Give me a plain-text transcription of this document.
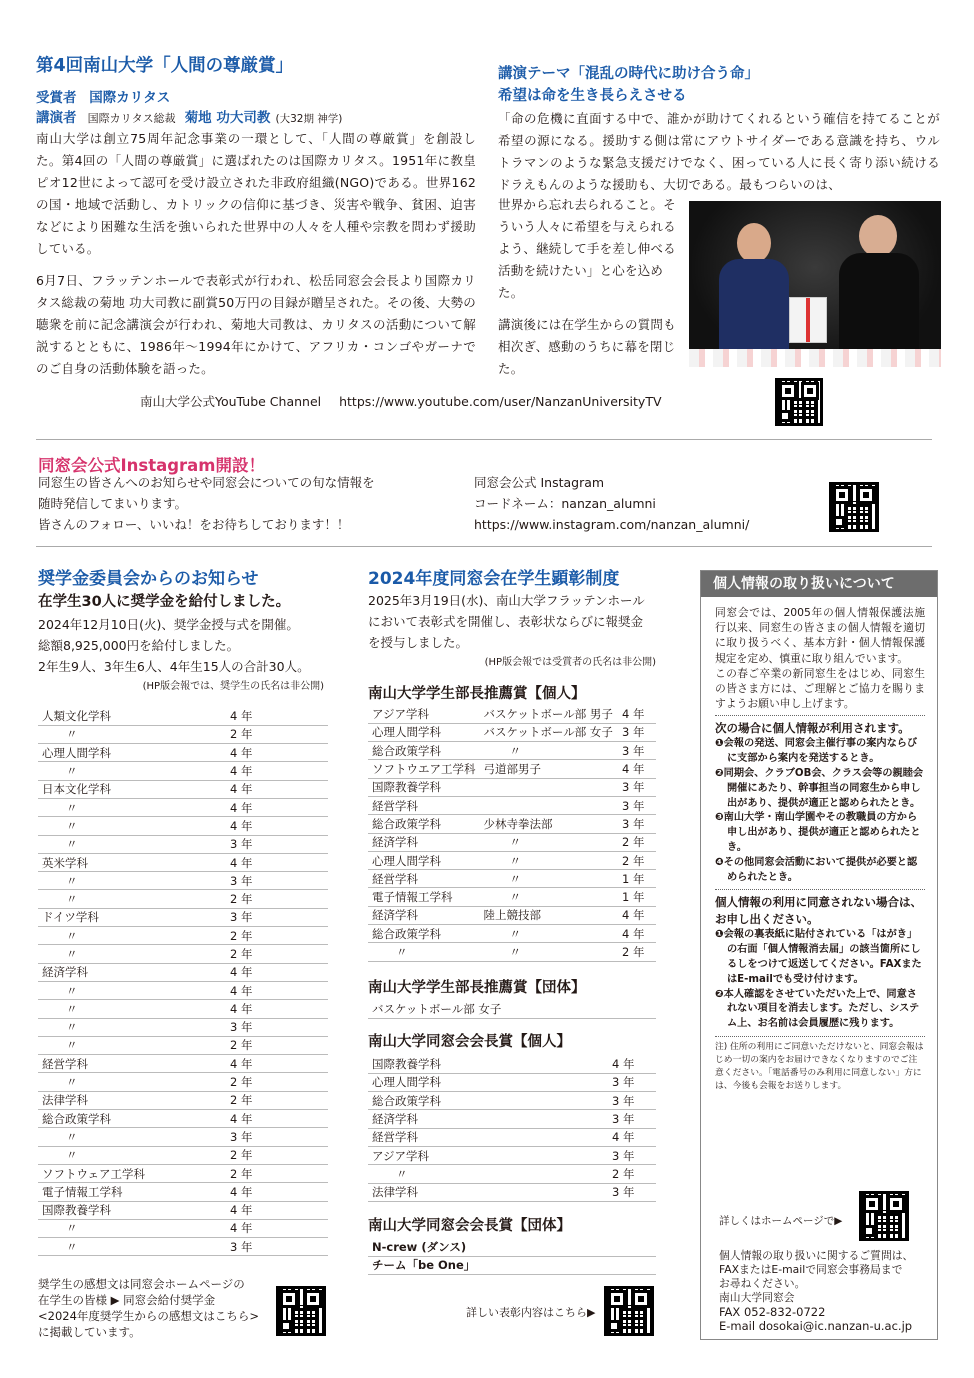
第4回南山大学「人間の尊厳賞」
受賞者 国際カリタス
講演者 国際カリタス総裁 菊地 功大司教 (大32期 神学)

南山大学は創立75周年記念事業の一環として、「人間の尊厳賞」を創設した。第4回の「人間の尊厳賞」に選ばれたのは国際カリタス。1951年に教皇ピオ12世によって認可を受け設立された非政府組織(NGO)である。世界162の国・地域で活動し、カトリックの信仰に基づき、災害や戦争、貧困、迫害などにより困難な生活を強いられた世界中の人々を人種や宗教を問わず援助している。

6月7日、フラッテンホールで表彰式が行われ、松岳同窓会会長より国際カリタス総裁の菊地 功大司教に副賞50万円の目録が贈呈された。その後、大勢の聴衆を前に記念講演会が行われ、菊地大司教は、カリタスの活動について解説するとともに、1986年〜1994年にかけて、アフリカ・コンゴやガーナでのご自身の活動体験を語った。

講演テーマ「混乱の時代に助け合う命」
希望は命を生き長らえさせる

「命の危機に直面する中で、誰かが助けてくれるという確信を持てることが希望の源になる。援助する側は常にアウトサイダーである意識を持ち、ウルトラマンのような緊急支援だけでなく、困っている人に長く寄り添い続けるドラえもんのような援助も、大切である。最もつらいのは、

世界から忘れ去られること。そういう人々に希望を与えられるよう、継続して手を差し伸べる活動を続けたい」と心を込めた。

講演後には在学生からの質問も相次ぎ、感動のうちに幕を閉じた。

南山大学公式YouTube Channel https://www.youtube.com/user/NanzanUniversityTV
同窓会公式Instagram開設！
同窓生の皆さんへのお知らせや同窓会についての旬な情報を
随時発信してまいります。
皆さんのフォロー、いいね！をお待ちしております！！
同窓会公式 Instagram
コードネーム：nanzan_alumni
https://www.instagram.com/nanzan_alumni/
奨学金委員会からのお知らせ
在学生30人に奨学金を給付しました。
2024年12月10日(火)、奨学金授与式を開催。
総額8,925,000円を給付しました。
2年生9人、3年生6人、4年生15人の合計30人。
(HP版会報では、奨学生の氏名は非公開)
人類文化学科	4 年
〃	2 年
心理人間学科	4 年
〃	4 年
日本文化学科	4 年
〃	4 年
〃	4 年
〃	3 年
英米学科	4 年
〃	3 年
〃	2 年
ドイツ学科	3 年
〃	2 年
〃	2 年
経済学科	4 年
〃	4 年
〃	4 年
〃	3 年
〃	2 年
経営学科	4 年
〃	2 年
法律学科	2 年
総合政策学科	4 年
〃	3 年
〃	2 年
ソフトウェア工学科	2 年
電子情報工学科	4 年
国際教養学科	4 年
〃	4 年
〃	3 年
奨学生の感想文は同窓会ホームページの
在学生の皆様 ▶ 同窓会給付奨学金
<2024年度奨学生からの感想文はこちら>
に掲載しています。
2024年度同窓会在学生顕彰制度
2025年3月19日(水)、南山大学フラッテンホール
において表彰式を開催し、表彰状ならびに報奨金
を授与しました。
(HP版会報では受賞者の氏名は非公開)
南山大学学生部長推薦賞【個人】
アジア学科	バスケットボール部 男子	4 年
心理人間学科	バスケットボール部 女子	3 年
総合政策学科	〃	3 年
ソフトウエア工学科	弓道部男子	4 年
国際教養学科		3 年
経営学科		3 年
総合政策学科	少林寺拳法部	3 年
経済学科	〃	2 年
心理人間学科	〃	2 年
経営学科	〃	1 年
電子情報工学科	〃	1 年
経済学科	陸上競技部	4 年
総合政策学科	〃	4 年
〃	〃	2 年
南山大学学生部長推薦賞【団体】
バスケットボール部 女子
南山大学同窓会会長賞【個人】
国際教養学科	4 年
心理人間学科	3 年
総合政策学科	3 年
経済学科	3 年
経営学科	4 年
アジア学科	3 年
〃	2 年
法律学科	3 年
南山大学同窓会会長賞【団体】
N-crew (ダンス)
チーム「be One」
詳しい表彰内容はこちら▶
個人情報の取り扱いについて

同窓会では、2005年の個人情報保護法施行以来、同窓生の皆さまの個人情報を適切に取り扱うべく、基本方針・個人情報保護規定を定め、慎重に取り組んでいます。

この春ご卒業の新同窓生をはじめ、同窓生の皆さま方には、ご理解とご協力を賜りますようお願い申し上げます。

次の場合に個人情報が利用されます。

❶会報の発送、同窓会主催行事の案内ならびに支部から案内を発送するとき。

❷同期会、クラブOB会、クラス会等の親睦会開催にあたり、幹事担当の同窓生から申し出があり、提供が適正と認められたとき。

❸南山大学・南山学園やその教職員の方から申し出があり、提供が適正と認められたとき。

❹その他同窓会活動において提供が必要と認められたとき。

個人情報の利用に同意されない場合は、お申し出ください。

❶会報の裏表紙に貼付されている「はがき」の右面「個人情報消去届」の該当箇所にしるしをつけて返送してください。FAXまたはE-mailでも受け付けます。

❷本人確認をさせていただいた上で、同意されない項目を消去します。ただし、システム上、お名前は会員履歴に残ります。

注) 住所の利用にご同意いただけないと、同窓会報はじめ一切の案内をお届けできなくなりますのでご注意ください。「電話番号のみ利用に同意しない」方には、今後も会報をお送りします。

詳しくはホームページで▶
個人情報の取り扱いに関するご質問は、
FAXまたはE-mailで同窓会事務局まで
お尋ねください。
南山大学同窓会
FAX 052-832-0722
E-mail dosokai@ic.nanzan-u.ac.jp
